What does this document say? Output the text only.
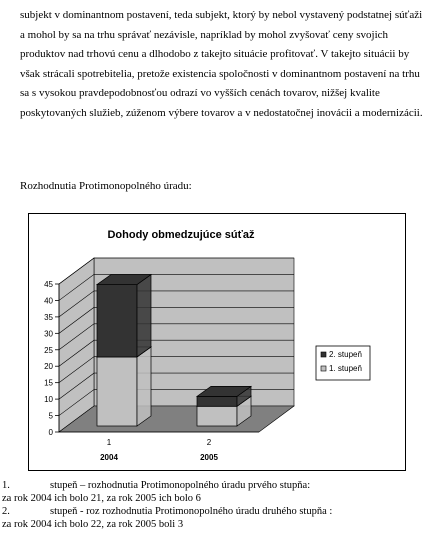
subjekt v dominantnom postavení, teda subjekt, ktorý by nebol vystavený podstatnej súťaži
a mohol by sa na trhu správať nezávisle, napríklad by mohol zvyšovať ceny svojich
produktov nad trhovú cenu a dlhodobo z takejto situácie profitovať. V takejto situácii by
však strácali spotrebitelia, pretože existencia spoločnosti v dominantnom postavení na trhu
sa s vysokou pravdepodobnosťou odrazí vo vyšších cenách tovarov, nižšej kvalite
poskytovaných služieb, zúženom výbere tovarov a v nedostatočnej inovácii a modernizácii.

Rozhodnutia Protimonopolného úradu:

Dohody obmedzujúce súťaž
0
5
10
15
20
25
30
35
40
45
1
2004
2
2005
2. stupeň
1. stupeň
1.	stupeň – rozhodnutia Protimonopolného úradu prvého stupňa:
za rok 2004 ich bolo 21, za rok 2005 ich bolo 6
2.	stupeň - roz rozhodnutia Protimonopolného úradu druhého stupňa :
za rok 2004 ich bolo 22, za rok 2005 boli 3
